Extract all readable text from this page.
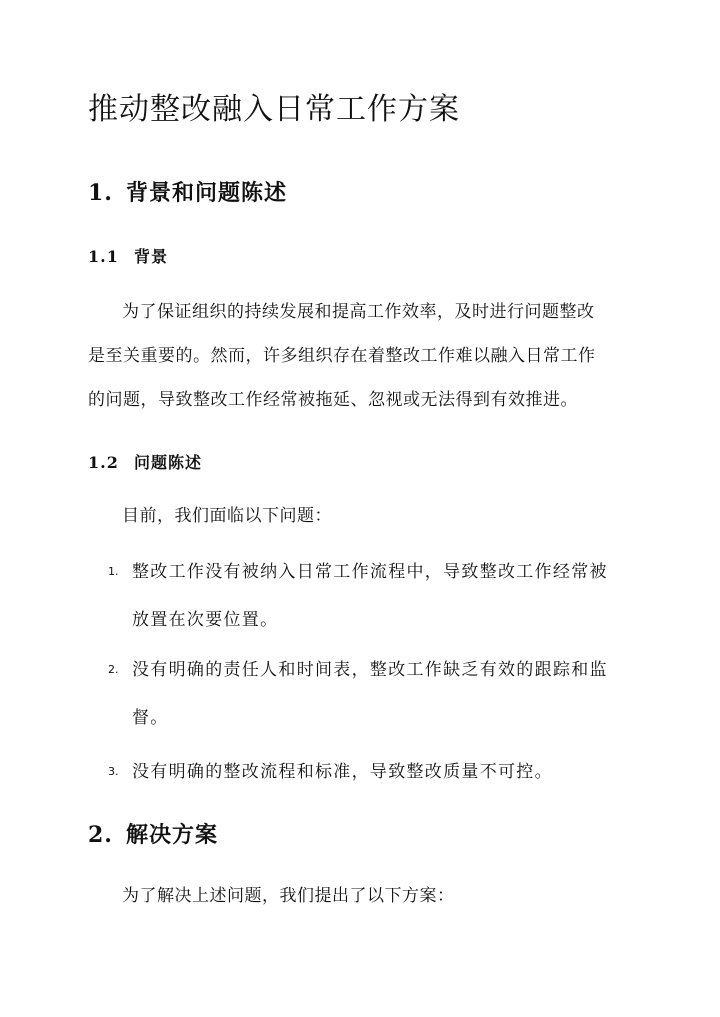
推动整改融入日常工作方案
1. 背景和问题陈述
1.1 背景

为了保证组织的持续发展和提高工作效率，及时进行问题整改
是至关重要的。然而，许多组织存在着整改工作难以融入日常工作
的问题，导致整改工作经常被拖延、忽视或无法得到有效推进。

1.2 问题陈述

目前，我们面临以下问题：

1. 整改工作没有被纳入日常工作流程中，导致整改工作经常被
放置在次要位置。
2. 没有明确的责任人和时间表，整改工作缺乏有效的跟踪和监
督。
3. 没有明确的整改流程和标准，导致整改质量不可控。
2. 解决方案

为了解决上述问题，我们提出了以下方案：
